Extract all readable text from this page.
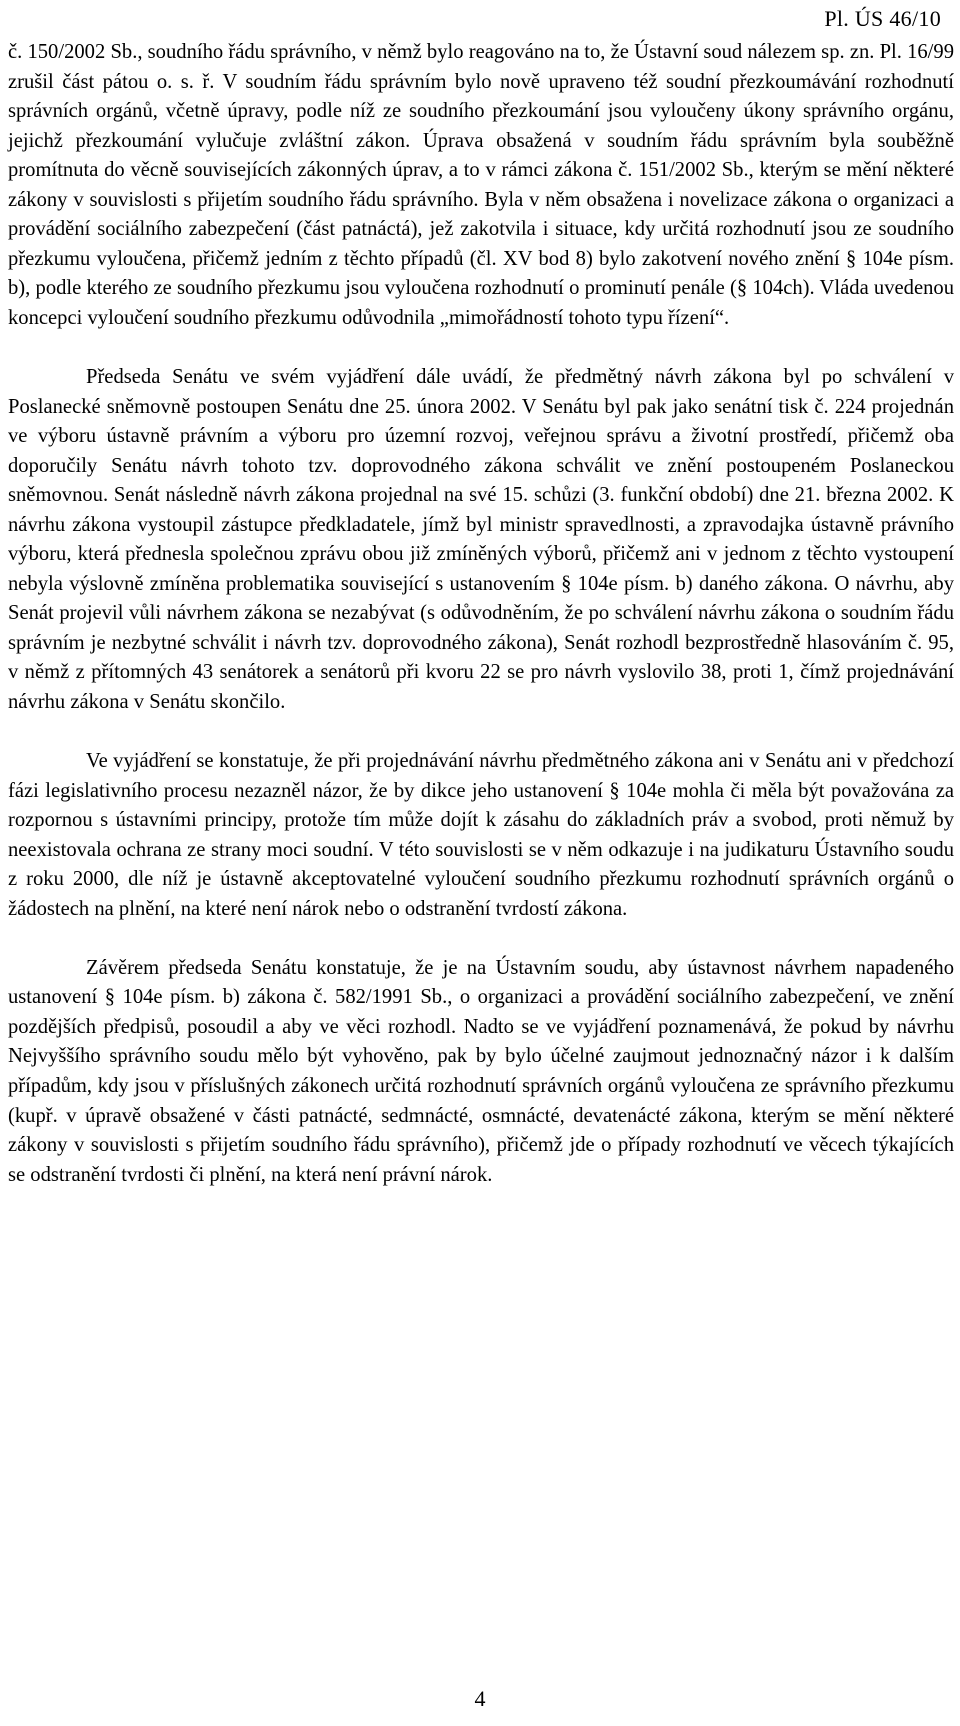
Pl. ÚS 46/10

č. 150/2002 Sb., soudního řádu správního, v němž bylo reagováno na to, že Ústavní soud nálezem sp. zn. Pl. 16/99 zrušil část pátou o. s. ř. V soudním řádu správním bylo nově upraveno též soudní přezkoumávání rozhodnutí správních orgánů, včetně úpravy, podle níž ze soudního přezkoumání jsou vyloučeny úkony správního orgánu, jejichž přezkoumání vylučuje zvláštní zákon. Úprava obsažená v soudním řádu správním byla souběžně promítnuta do věcně souvisejících zákonných úprav, a to v rámci zákona č. 151/2002 Sb., kterým se mění některé zákony v souvislosti s přijetím soudního řádu správního. Byla v něm obsažena i novelizace zákona o organizaci a provádění sociálního zabezpečení (část patnáctá), jež zakotvila i situace, kdy určitá rozhodnutí jsou ze soudního přezkumu vyloučena, přičemž jedním z těchto případů (čl. XV bod 8) bylo zakotvení nového znění § 104e písm. b), podle kterého ze soudního přezkumu jsou vyloučena rozhodnutí o prominutí penále (§ 104ch). Vláda uvedenou koncepci vyloučení soudního přezkumu odůvodnila „mimořádností tohoto typu řízení“.

Předseda Senátu ve svém vyjádření dále uvádí, že předmětný návrh zákona byl po schválení v Poslanecké sněmovně postoupen Senátu dne 25. února 2002. V Senátu byl pak jako senátní tisk č. 224 projednán ve výboru ústavně právním a výboru pro územní rozvoj, veřejnou správu a životní prostředí, přičemž oba doporučily Senátu návrh tohoto tzv. doprovodného zákona schválit ve znění postoupeném Poslaneckou sněmovnou. Senát následně návrh zákona projednal na své 15. schůzi (3. funkční období) dne 21. března 2002. K návrhu zákona vystoupil zástupce předkladatele, jímž byl ministr spravedlnosti, a zpravodajka ústavně právního výboru, která přednesla společnou zprávu obou již zmíněných výborů, přičemž ani v jednom z těchto vystoupení nebyla výslovně zmíněna problematika související s ustanovením § 104e písm. b) daného zákona. O návrhu, aby Senát projevil vůli návrhem zákona se nezabývat (s odůvodněním, že po schválení návrhu zákona o soudním řádu správním je nezbytné schválit i návrh tzv. doprovodného zákona), Senát rozhodl bezprostředně hlasováním č. 95, v němž z přítomných 43 senátorek a senátorů při kvoru 22 se pro návrh vyslovilo 38, proti 1, čímž projednávání návrhu zákona v Senátu skončilo.

Ve vyjádření se konstatuje, že při projednávání návrhu předmětného zákona ani v Senátu ani v předchozí fázi legislativního procesu nezazněl názor, že by dikce jeho ustanovení § 104e mohla či měla být považována za rozpornou s ústavními principy, protože tím může dojít k zásahu do základních práv a svobod, proti němuž by neexistovala ochrana ze strany moci soudní. V této souvislosti se v něm odkazuje i na judikaturu Ústavního soudu z roku 2000, dle níž je ústavně akceptovatelné vyloučení soudního přezkumu rozhodnutí správních orgánů o žádostech na plnění, na které není nárok nebo o odstranění tvrdostí zákona.

Závěrem předseda Senátu konstatuje, že je na Ústavním soudu, aby ústavnost návrhem napadeného ustanovení § 104e písm. b) zákona č. 582/1991 Sb., o organizaci a provádění sociálního zabezpečení, ve znění pozdějších předpisů, posoudil a aby ve věci rozhodl. Nadto se ve vyjádření poznamenává, že pokud by návrhu Nejvyššího správního soudu mělo být vyhověno, pak by bylo účelné zaujmout jednoznačný názor i k dalším případům, kdy jsou v příslušných zákonech určitá rozhodnutí správních orgánů vyloučena ze správního přezkumu (kupř. v úpravě obsažené v části patnácté, sedmnácté, osmnácté, devatenácté zákona, kterým se mění některé zákony v souvislosti s přijetím soudního řádu správního), přičemž jde o případy rozhodnutí ve věcech týkajících se odstranění tvrdosti či plnění, na která není právní nárok.

4
